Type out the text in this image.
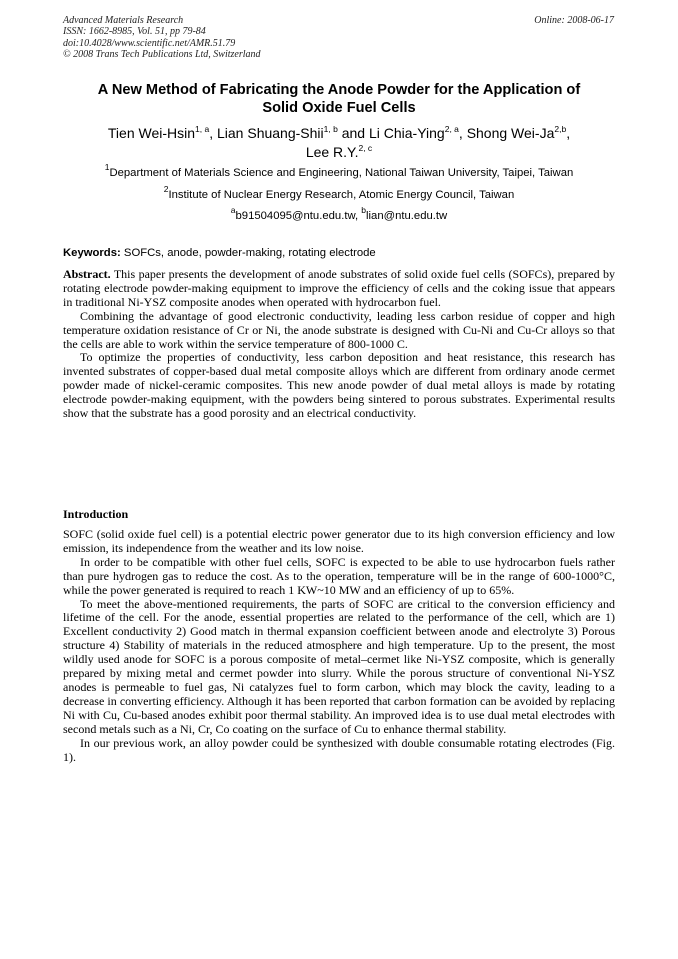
Advanced Materials Research
ISSN: 1662-8985, Vol. 51, pp 79-84
doi:10.4028/www.scientific.net/AMR.51.79
© 2008 Trans Tech Publications Ltd, Switzerland
Online: 2008-06-17
A New Method of Fabricating the Anode Powder for the Application of
Solid Oxide Fuel Cells
Tien Wei-Hsin$^{1, a}$, Lian Shuang-Shii$^{1, b}$ and Li Chia-Ying$^{2, a}$, Shong Wei-Ja$^{2,b}$,
Lee R.Y.$^{2, c}$
$^1$Department of Materials Science and Engineering, National Taiwan University, Taipei, Taiwan
$^2$Institute of Nuclear Energy Research, Atomic Energy Council, Taiwan
$^a$b91504095@ntu.edu.tw, $^b$lian@ntu.edu.tw
Keywords: SOFCs, anode, powder-making, rotating electrode

Abstract. This paper presents the development of anode substrates of solid oxide fuel cells (SOFCs), prepared by rotating electrode powder-making equipment to improve the efficiency of cells and the coking issue that appears in traditional Ni-YSZ composite anodes when operated with hydrocarbon fuel.

Combining the advantage of good electronic conductivity, leading less carbon residue of copper and high temperature oxidation resistance of Cr or Ni, the anode substrate is designed with Cu-Ni and Cu-Cr alloys so that the cells are able to work within the service temperature of 800-1000 C.

To optimize the properties of conductivity, less carbon deposition and heat resistance, this research has invented substrates of copper-based dual metal composite alloys which are different from ordinary anode cermet powder made of nickel-ceramic composites. This new anode powder of dual metal alloys is made by rotating electrode powder-making equipment, with the powders being sintered to porous substrates. Experimental results show that the substrate has a good porosity and an electrical conductivity.

Introduction

SOFC (solid oxide fuel cell) is a potential electric power generator due to its high conversion efficiency and low emission, its independence from the weather and its low noise.

In order to be compatible with other fuel cells, SOFC is expected to be able to use hydrocarbon fuels rather than pure hydrogen gas to reduce the cost. As to the operation, temperature will be in the range of 600-1000°C, while the power generated is required to reach 1 KW~10 MW and an efficiency of up to 65%.

To meet the above-mentioned requirements, the parts of SOFC are critical to the conversion efficiency and lifetime of the cell. For the anode, essential properties are related to the performance of the cell, which are 1) Excellent conductivity 2) Good match in thermal expansion coefficient between anode and electrolyte 3) Porous structure 4) Stability of materials in the reduced atmosphere and high temperature. Up to the present, the most wildly used anode for SOFC is a porous composite of metal–cermet like Ni-YSZ composite, which is generally prepared by mixing metal and cermet powder into slurry. While the porous structure of conventional Ni-YSZ anodes is permeable to fuel gas, Ni catalyzes fuel to form carbon, which may block the cavity, leading to a decrease in converting efficiency. Although it has been reported that carbon formation can be avoided by replacing Ni with Cu, Cu-based anodes exhibit poor thermal stability. An improved idea is to use dual metal electrodes with second metals such as a Ni, Cr, Co coating on the surface of Cu to enhance thermal stability.

In our previous work, an alloy powder could be synthesized with double consumable rotating electrodes (Fig. 1).
